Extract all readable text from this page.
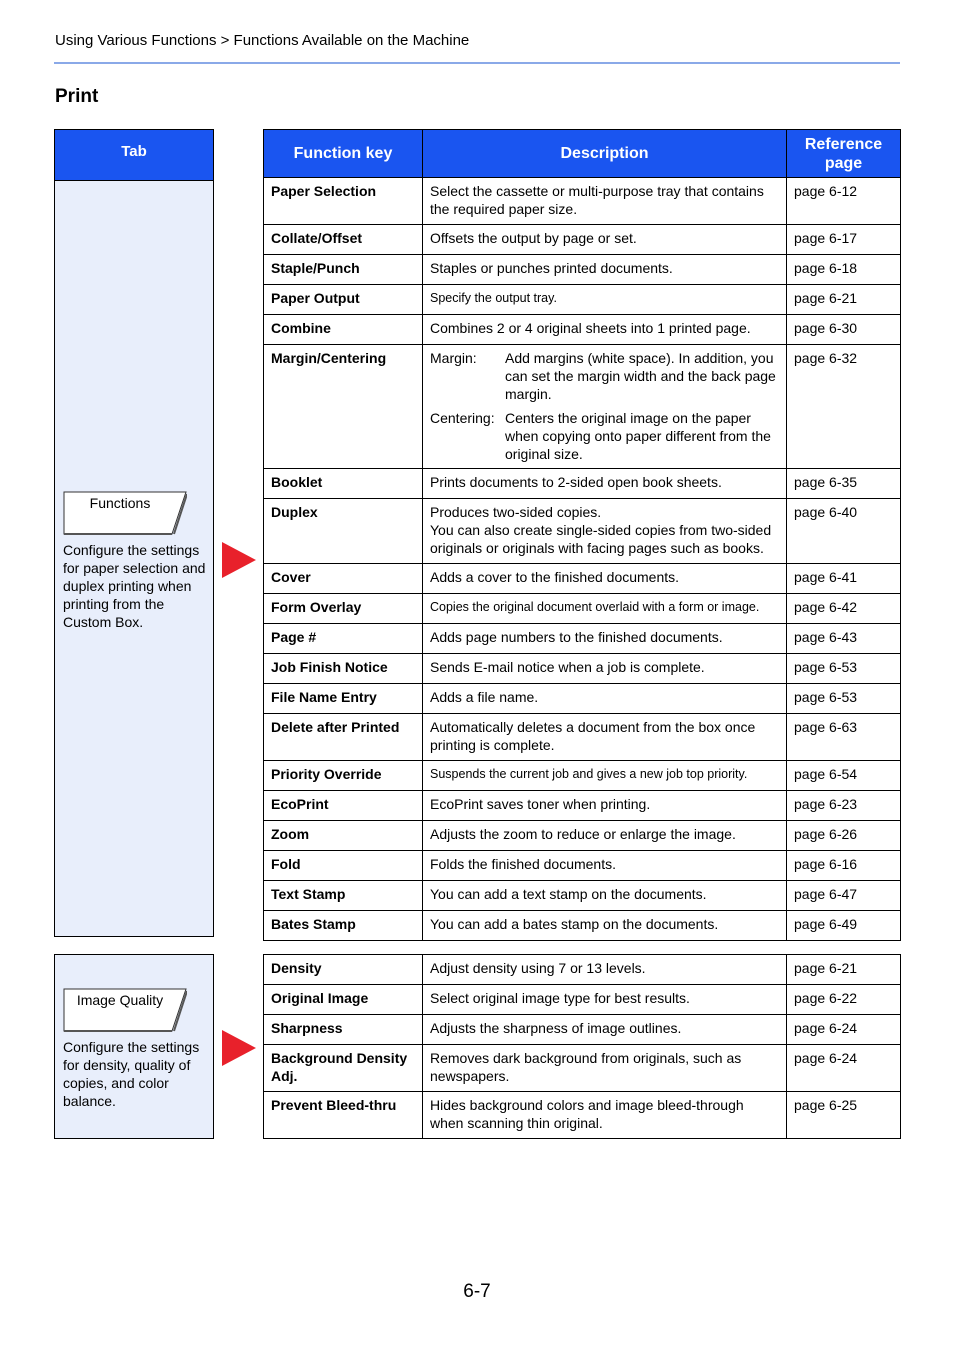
Using Various Functions > Functions Available on the Machine
Print
Tab
Functions
Configure the settings for paper selection and duplex printing when printing from the Custom Box.
Function key	Description	Reference
page
Paper Selection	Select the cassette or multi-purpose tray that contains the required paper size.	page 6-12
Collate/Offset	Offsets the output by page or set.	page 6-17
Staple/Punch	Staples or punches printed documents.	page 6-18
Paper Output	Specify the output tray.	page 6-21
Combine	Combines 2 or 4 original sheets into 1 printed page.	page 6-30
Margin/Centering	Margin: Add margins (white space). In addition, you can set the margin width and the back page margin.
Centering: Centers the original image on the paper when copying onto paper different from the original size.	page 6-32
Booklet	Prints documents to 2-sided open book sheets.	page 6-35
Duplex	Produces two-sided copies.
You can also create single-sided copies from two-sided originals or originals with facing pages such as books.	page 6-40
Cover	Adds a cover to the finished documents.	page 6-41
Form Overlay	Copies the original document overlaid with a form or image.	page 6-42
Page #	Adds page numbers to the finished documents.	page 6-43
Job Finish Notice	Sends E-mail notice when a job is complete.	page 6-53
File Name Entry	Adds a file name.	page 6-53
Delete after Printed	Automatically deletes a document from the box once printing is complete.	page 6-63
Priority Override	Suspends the current job and gives a new job top priority.	page 6-54
EcoPrint	EcoPrint saves toner when printing.	page 6-23
Zoom	Adjusts the zoom to reduce or enlarge the image.	page 6-26
Fold	Folds the finished documents.	page 6-16
Text Stamp	You can add a text stamp on the documents.	page 6-47
Bates Stamp	You can add a bates stamp on the documents.	page 6-49
Image Quality
Configure the settings for density, quality of copies, and color balance.
Density	Adjust density using 7 or 13 levels.	page 6-21
Original Image	Select original image type for best results.	page 6-22
Sharpness	Adjusts the sharpness of image outlines.	page 6-24
Background Density Adj.	Removes dark background from originals, such as newspapers.	page 6-24
Prevent Bleed-thru	Hides background colors and image bleed-through when scanning thin original.	page 6-25
6-7
